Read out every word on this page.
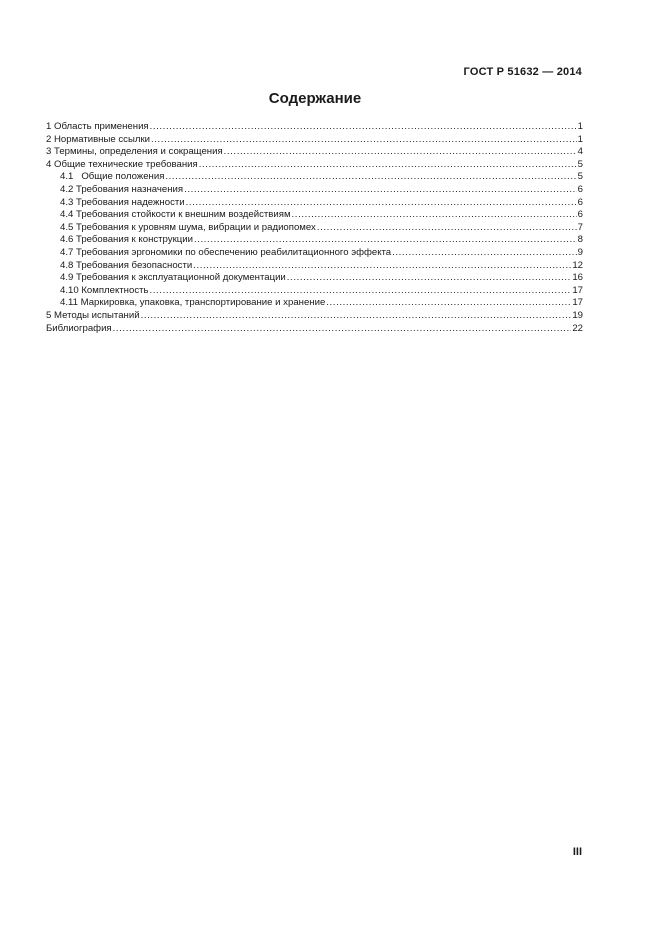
ГОСТ Р 51632 — 2014
Содержание
1 Область применения .....	1
2 Нормативные ссылки .....	1
3 Термины, определения и сокращения .....	4
4 Общие технические требования .....	5
4.1   Общие положения .....	5
4.2 Требования назначения .....	6
4.3 Требования надежности .....	6
4.4 Требования стойкости к внешним воздействиям .....	6
4.5 Требования к уровням шума, вибрации и радиопомех .....	7
4.6 Требования к конструкции .....	8
4.7 Требования эргономики по обеспечению реабилитационного эффекта .....	9
4.8 Требования безопасности .....	12
4.9 Требования к эксплуатационной документации .....	16
4.10 Комплектность .....	17
4.11 Маркировка, упаковка, транспортирование и хранение .....	17
5 Методы испытаний .....	19
Библиография .....	22
III
